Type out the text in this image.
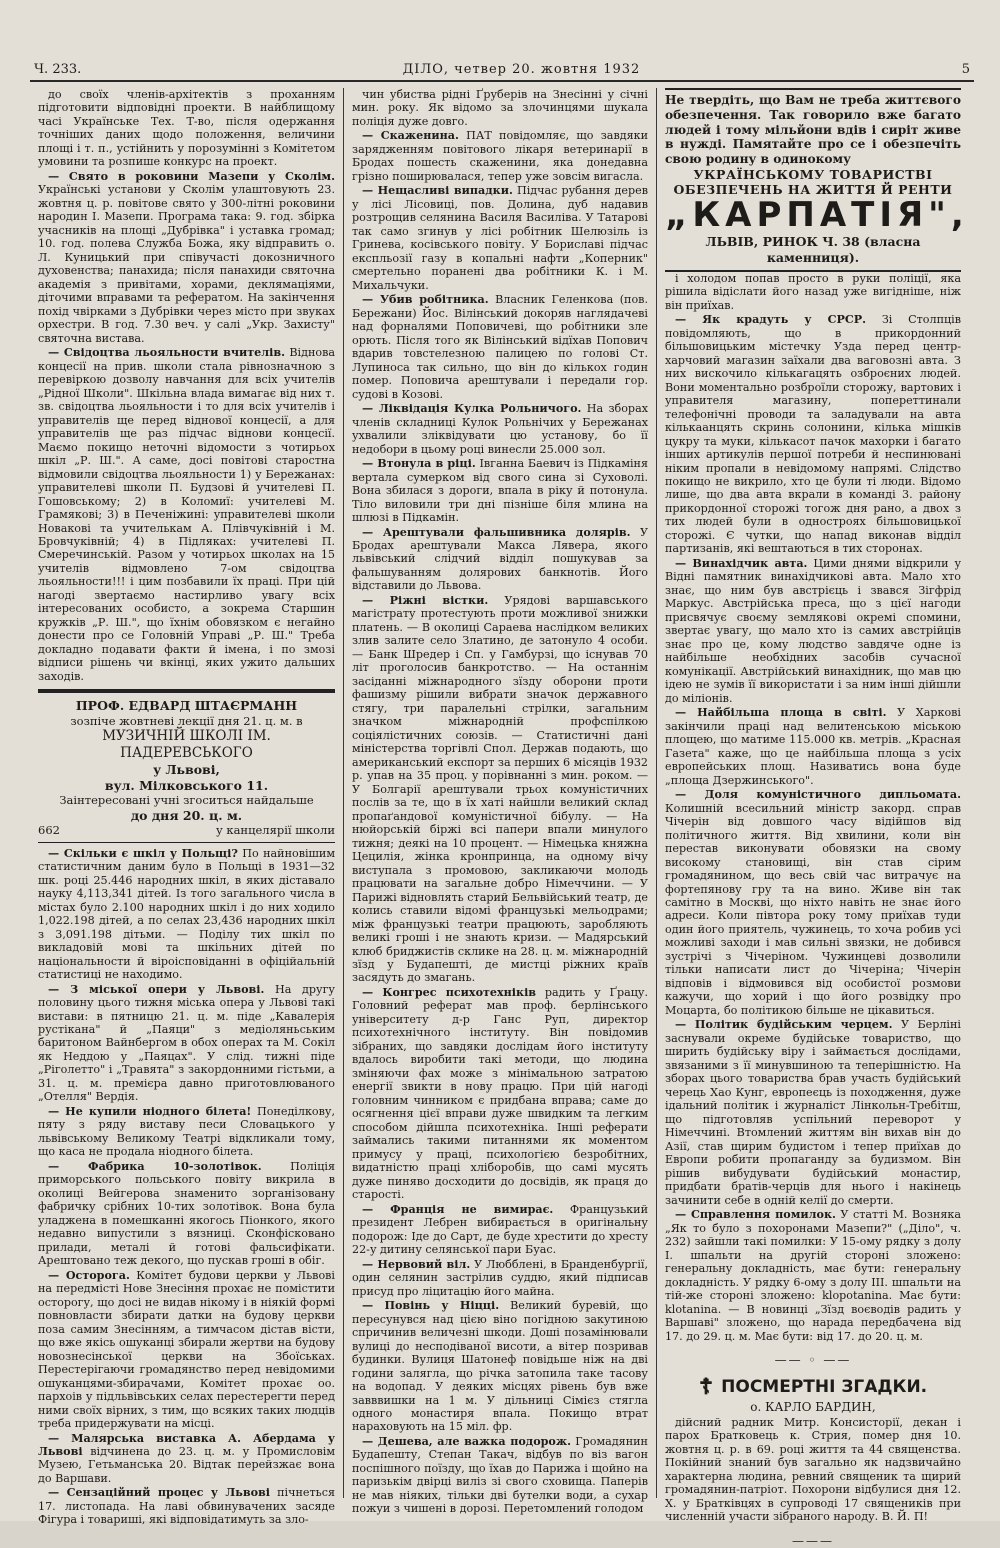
Ч. 233.	ДІЛО, четвер 20. жовтня 1932	5

до своїх членів-архітектів з проханням підготовити відповідні проекти. В найблищому часі Українське Тех. Т-во, після одержання точніших даних щодо положення, величини площі і т. п., устійнить у порозумінні з Комітетом умовини та розпише конкурс на проект.

— Свято в роковини Мазепи у Сколім. Українські установи у Сколім улаштовують 23. жовтня ц. р. повітове свято у 300-літні роковини народин І. Мазепи. Програма така: 9. год. збірка учасників на площі „Дубрівка" і уставка громад; 10. год. полева Служба Божа, яку відправить о. Л. Куницький при співучасті докозничного духовенства; панахида; після панахиди святочна академія з привітами, хорами, деклямаціями, діточими вправами та рефератом. На закінчення похід чвірками з Дубрівки через місто при звуках орхестри. В год. 7.30 веч. у салі „Укр. Захисту" святочна вистава.

— Свідоцтва льояльности вчителів. Віднова концесії на прив. школи стала рівнозначною з перевіркою дозволу навчання для всіх учителів „Рідної Школи". Шкільна влада вимагає від них т. зв. свідоцтва льояльности і то для всіх учителів і управителів ще перед віднової концесії, а для управителів ще раз підчас віднови концесії. Маємо покищо неточні відомости з чотирьох шкіл „Р. Ш.". А саме, досі повітові старостна відмовили свідоцтва льояльности 1) у Бережанах: управителеві школи П. Будзові й учителеві П. Гошовському; 2) в Коломиї: учителеві М. Грамякові; 3) в Печеніжині: управителеві школи Новакові та учителькам А. Плівчуківній і М. Бровчуківній; 4) в Підляках: учителеві П. Смеречинській. Разом у чотирьох школах на 15 учителів відмовлено 7-ом свідоцтва льояльности!!! і цим позбавили їх праці. При цій нагоді звертаємо настирливо увагу всіх інтересованих особисто, а зокрема Старшин кружків „Р. Ш.", що їхнім обовязком є негайно донести про се Головній Управі „Р. Ш." Треба докладно подавати факти й імена, і по змозі відписи рішень чи вкінці, яких ужито дальших заходів.

ПРОФ. ЕДВАРД ШТАЄРМАНН
зозпіче жовтневі лекції дня 21. ц. м. в
МУЗИЧНІЙ ШКОЛІ ІМ. ПАДЕРЕВСЬКОГО
у Львові,
вул. Мілковського 11.
Заінтересовані учні згоситься найдальше
до дня 20. ц. м.
662	у канцелярії школи

— Скільки є шкіл у Польщі? По найновішим статистичним даним було в Польщі в 1931—32 шк. році 25.446 народних шкіл, в яких діставало науку 4,113,341 дітей. Із того загального числа в містах було 2.100 народних шкіл і до них ходило 1,022.198 дітей, а по селах 23,436 народних шкіл з 3,091.198 дітьми. — Поділу тих шкіл по викладовій мові та шкільних дітей по національности й віроісповіданні в офіційальній статистиці не находимо.

— З міської опери у Львові. На другу половину цього тижня міська опера у Львові такі вистави: в пятницю 21. ц. м. піде „Кавалерія рустікана" й „Паяци" з медіоляньським баритоном Вайнбергом в обох операх та М. Сокіл як Неддою у „Паяцах". У слід. тижні піде „Ріголетто" і „Травята" з закордонними гістьми, а 31. ц. м. премієра давно приготовлюваного „Отелля" Вердія.

— Не купили ніодного білета! Понеділкову, пяту з ряду виставу песи Словацького у львівському Великому Театрі відкликали тому, що каса не продала ніодного білета.

— Фабрика 10-золотівок. Поліція приморського польського повіту викрила в околиці Вейгерова знаменито зорганізовану фабричку срібних 10-тих золотівок. Вона була уладжена в помешканні якогось Піонкого, якого недавно випустили з вязниці. Сконфісковано прилади, металі й готові фальсифікати. Арештовано теж декого, що пускав гроші в обіг.

— Осторога. Комітет будови церкви у Львові на передмісті Нове Знесіння прохає не помістити осторогу, що досі не видав нікому і в ніякій формі повновласти збирати датки на будову церкви поза самим Знесінням, а тимчасом дістав вісти, що вже якісь ошуканці збирали жертви на будову новознесінської церкви на Збоїськах. Перестерігаючи громадянство перед невідомими ошуканцями-збирачами, Комітет прохає оо. пархоів у підльвівських селах перестерегти перед ними своїх вірних, з тим, що всяких таких людців треба придержувати на місці.

— Малярська виставка А. Абердама у Львові відчинена до 23. ц. м. у Промисловім Музею, Гетьманська 20. Відтак перейзжає вона до Варшави.

— Сензаційний процес у Львові пічнеться 17. листопада. На лаві обвинувачених засяде Фігура і товариші, які відповідатимуть за зло-

чин убиства рідні Ґруберів на Знесінні у січні мин. року. Як відомо за злочинцями шукала поліція дуже довго.

— Скаженина. ПАТ повідомляє, що завдяки зарядженням повітового лікаря ветеринарії в Бродах пошесть скаженини, яка донедавна грізно поширювалася, тепер уже зовсім вигасла.

— Нещасливі випадки. Підчас рубання дерев у лісі Лісовиці, пов. Долина, дуб надавив розтрощив селянина Василя Василіва. У Татарові так само згинув у лісі робітник Шелюзіль із Гринева, косівського повіту. У Бориславі підчас експльозії газу в копальні нафти „Коперник" смертельно поранені два робітники К. і М. Михальчуки.

— Убив робітника. Власник Геленкова (пов. Бережани) Йос. Вілінський докоряв наглядачеві над форналями Поповичеві, що робітники зле орють. Після того як Вілінський відїхав Попович вдарив товстелезною палицею по голові Ст. Лупиноса так сильно, що він до кількох годин помер. Поповича арештували і передали гор. судові в Козові.

— Ліквідація Кулка Рольничого. На зборах членів складниці Кулок Рольнічих у Бережанах ухвалили зліквідувати цю установу, бо її недобори в цьому році винесли 25.000 зол.

— Втонула в ріці. Івганна Баевич із Підкаміня вертала сумерком від свого сина зі Суховолі. Вона збилася з дороги, впала в ріку й потонула. Тіло виловили три дні пізніше біля млина на шлюзі в Підкамін.

— Арештували фальшивника долярів. У Бродах арештували Макса Лявера, якого львівський слідчий відділ пошукував за фальшуванням долярових банкнотів. Його відставили до Львова.

— Ріжні вістки. Урядові варшавського магістрату протестують проти можливої знижки платень. — В околиці Сараева наслідком великих злив залите село Златино, де затонуло 4 особи. — Банк Шредер і Сп. у Гамбурзі, що існував 70 літ проголосив банкротство. — На останнім засіданні міжнародного зїзду оборони проти фашизму рішили вибрати значок державного стягу, три паралельні стрілки, загальним значком міжнародній профспілкою соціялістичних союзів. — Статистичні дані міністерства торгівлі Спол. Держав подають, що американський експорт за перших 6 місяців 1932 р. упав на 35 проц. у порівнанні з мин. роком. — У Болгарії арештували трьох комуністичних послів за те, що в їх хаті найшли великий склад пропаґандової комуністичної бібулу. — На нюйорській біржі всі папери впали минулого тижня; деякі на 10 процент. — Німецька княжна Цецилія, жінка кронпринца, на одному вічу виступала з промовою, закликаючи молодь працювати на загальне добро Німеччини. — У Парижі відновлять старий Бельвійський театр, де колись ставили відомі французькі мельодрами; між французькі театри працюють, заробляють великі гроші і не знають кризи. — Мадярський клюб бриджистів склике на 28. ц. м. міжнародній зїзд у Будапешті, де мистці ріжних країв засядуть до змагань.

— Конгрес психотехніків радить у Ґрацу. Головний реферат мав проф. берлінського університету д-р Ганс Руп, директор психотехнічного інституту. Він повідомив зібраних, що завдяки дослідам його інституту вдалось виробити такі методи, що людина зміняючи фах може з мінімальною затратою енергії звикти в нову працю. При цій нагоді головним чинником є придбана вправа; саме до осягнення цієї вправи дуже швидким та легким способом дійшла психотехніка. Інші реферати займались такими питаннями як моментом примусу у праці, психологією безробітних, видатністю праці хліборобів, що самі мусять дуже пиняво досходити до досвідів, як праця до старості.

— Франція не вимирає. Французький президент Лебрен вибирається в оригінальну подорож: Іде до Сарт, де буде хрестити до хресту 22-у дитину селянської пари Буас.

— Нервовий віл. У Любблені, в Бранденбургії, один селянин застрілив суддю, який підписав присуд про ліцитацію його майна.

— Повінь у Ніцці. Великий буревій, що пересунувся над цією віно погідною закутиною спричинив величезні шкоди. Доші позамінювали вулиці до несподіваної висоти, а вітер позривав будинки. Вулиця Шатонеф повідьше ніж на дві години залягла, що річка затопила таке тасову на водопад. У деяких місцях рівень був вже завввишки на 1 м. У дільниці Сімієз стягла одного монастиря впала. Покищо втрат нараховують на 15 міл. фр.

— Дешева, але важка подорож. Громадянин Будапешту, Степан Такач, відбув по віз вагон поспішного поїзду, що їхав до Парижа і щойно на паризькім двірці виліз зі свого сховища. Паперів не мав ніяких, тільки дві бутелки води, а сухар пожуи з чишені в дорозі. Перетомлений голодом

Не твердіть, що Вам не треба життєвого обезпечення. Так говорило вже багато людей і тому мільйони вдів і сиріт живе в нужді. Памятайте про се і обезпечіть свою родину в одинокому
УКРАЇНСЬКОМУ ТОВАРИСТВІ ОБЕЗПЕЧЕНЬ НА ЖИТТЯ Й РЕНТИ
„КАРПАТІЯ",
ЛЬВІВ, РИНОК Ч. 38 (власна каменниця).

і холодом попав просто в руки поліції, яка рішила відіслати його назад уже вигідніше, ніж він приїхав.

— Як крадуть у СРСР. Зі Столпців повідомляють, що в прикордонний більшовицьким містечку Узда перед центр-харчовий магазин заїхали два ваговозні авта. З них вискочило кількагацять озброєних людей. Вони моментально розброїли сторожу, вартових і управителя магазину, попереттинали телефонічні проводи та заладували на авта кількаанцять скринь солонини, кілька мішків цукру та муки, кількасот пачок махорки і багато інших артикулів першої потреби й неспинювані ніким пропали в невідомому напрямі. Слідство покищо не викрило, хто це були ті люди. Відомо лише, що два авта вкрали в команді 3. району прикордонної сторожі тогож дня рано, а двох з тих людей були в одностроях більшовицької сторожі. Є чутки, що напад виконав відділ партизанів, які вештаються в тих сторонах.

— Винахідчик авта. Цими днями відкрили у Відні памятник винахідчикові авта. Мало хто знає, що ним був австрієць і звався Зігфрід Маркус. Австрійська преса, що з цієї нагоди присвячує своєму землякові окремі спомини, звертає увагу, що мало хто із самих австрійців знає про це, кому людство завдяче одне із найбільше необхідних засобів сучасної комунікації. Австрійський винахідник, що мав цю ідею не зумів її використати і за ним інші дійшли до міліонів.

— Найбільша площа в світі. У Харкові закінчили праці над велитенською міською площею, що матиме 115.000 кв. метрів. „Красная Газета" каже, що це найбільша площа з усіх европейських площ. Називатись вона буде „площа Дзержинського".

— Доля комуністичного дипльомата. Колишній всесильний міністр закорд. справ Чічерін від довшого часу відійшов від політичного життя. Від хвилини, коли він перестав виконувати обовязки на свому високому становищі, він став сірим громадянином, що весь свій час витрачує на фортепянову гру та на вино. Живе він так самітно в Москві, що ніхто навіть не знає його адреси. Коли півтора року тому приїхав туди один його приятель, чужинець, то хоча робив усі можливі заходи і мав сильні звязки, не добився зустрічі з Чічеріном. Чужинцеві дозволили тільки написати лист до Чічеріна; Чічерін відповів і відмовився від особистої розмови кажучи, що хорий і що його розвідку про Моцарта, бо політикою більше не цікавиться.

— Політик будійським черцем. У Берліні заснували окреме будійське товариство, що ширить будійську віру і займається дослідами, звязаними з її минувшиною та теперішністю. На зборах цього товариства брав участь будійський черець Хао Кунг, европеєць із походження, дуже ідальний політик і журналіст Лінкольн-Требітш, що підготовляв успільний переворот у Німеччині. Втомлений життям він вихав він до Азії, став щирим будистом і тепер приїхав до Европи робити пропаганду за будизмом. Він рішив вибудувати будійський монастир, придбати братів-черців для нього і накінець зачинити себе в одній келії до смерти.

— Справлення помилок. У статті М. Возняка „Як то було з похоронами Мазепи?" („Діло", ч. 232) зайшли такі помилки: У 15-ому рядку з долу І. шпальти на другій стороні зложено: генеральну докладність, має бути: генеральну докладність. У рядку 6-ому з долу ІІІ. шпальти на тій-же стороні зложено: klopotanina. Має бути: klotanina. — В новинці „Зїзд воєводів радить у Варшаві" зложено, що нарада передбачена від 17. до 29. ц. м. Має бути: від 17. до 20. ц. м.

—— ◦ ——
☦ ПОСМЕРТНІ ЗГАДКИ.

о. КАРЛО БАРДИН,

дійсний радник Митр. Консисторії, декан і пароx Братковець к. Стрия, помер дня 10. жовтня ц. р. в 69. році життя та 44 священства. Покійний знаний був загально як надзвичайно характерна людина, ревний священик та щирий громадянин-патріот. Похорони відбулися дня 12. Х. у Братківцях в супроводі 17 священиків при численній участи зібраного народу. В. Й. П!

———
